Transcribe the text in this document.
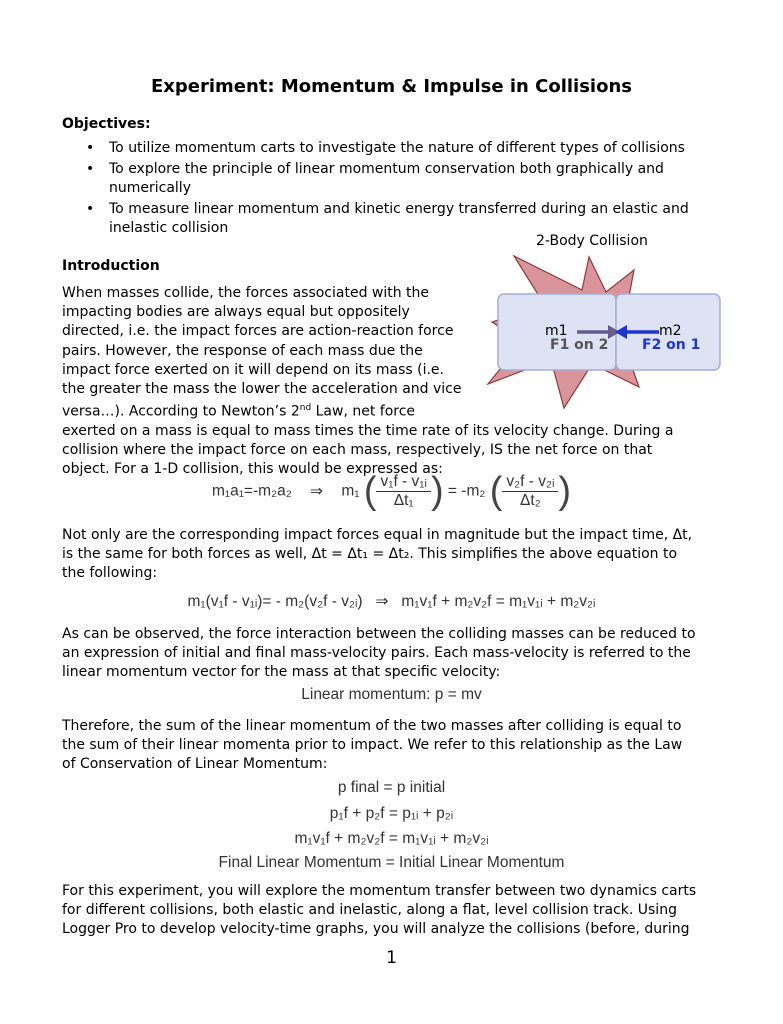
Experiment: Momentum & Impulse in Collisions
Objectives:
• To utilize momentum carts to investigate the nature of different types of collisions
• To explore the principle of linear momentum conservation both graphically and
numerically
• To measure linear momentum and kinetic energy transferred during an elastic and
inelastic collision
2-Body Collision
m1	m2
F1 on 2 F2 on 1
Introduction
When masses collide, the forces associated with the
impacting bodies are always equal but oppositely
directed, i.e. the impact forces are action-reaction force
pairs. However, the response of each mass due the
impact force exerted on it will depend on its mass (i.e.
the greater the mass the lower the acceleration and vice
versa…). According to Newton’s 2nd Law, net force
exerted on a mass is equal to mass times the time rate of its velocity change. During a
collision where the impact force on each mass, respectively, IS the net force on that
object. For a 1-D collision, this would be expressed as:
m₁a₁=-m₂a₂ ⇒ m₁ ( $\frac{\text{v₁f - v₁ᵢ}}{\text{Δt₁}}$ ) = -m₂ ( $\frac{\text{v₂f - v₂ᵢ}}{\text{Δt₂}}$ )
Not only are the corresponding impact forces equal in magnitude but the impact time, Δt,
is the same for both forces as well, Δt = Δt₁ = Δt₂. This simplifies the above equation to
the following:
m₁(v₁f - v₁ᵢ)= - m₂(v₂f - v₂ᵢ)   ⇒   m₁v₁f + m₂v₂f = m₁v₁ᵢ + m₂v₂ᵢ
As can be observed, the force interaction between the colliding masses can be reduced to
an expression of initial and final mass-velocity pairs. Each mass-velocity is referred to the
linear momentum vector for the mass at that specific velocity:
Linear momentum: p = mv
Therefore, the sum of the linear momentum of the two masses after colliding is equal to
the sum of their linear momenta prior to impact. We refer to this relationship as the Law
of Conservation of Linear Momentum:
p final = p initial
p₁f + p₂f = p₁ᵢ + p₂ᵢ
m₁v₁f + m₂v₂f = m₁v₁ᵢ + m₂v₂ᵢ
Final Linear Momentum = Initial Linear Momentum
For this experiment, you will explore the momentum transfer between two dynamics carts
for different collisions, both elastic and inelastic, along a flat, level collision track. Using
Logger Pro to develop velocity-time graphs, you will analyze the collisions (before, during
1
